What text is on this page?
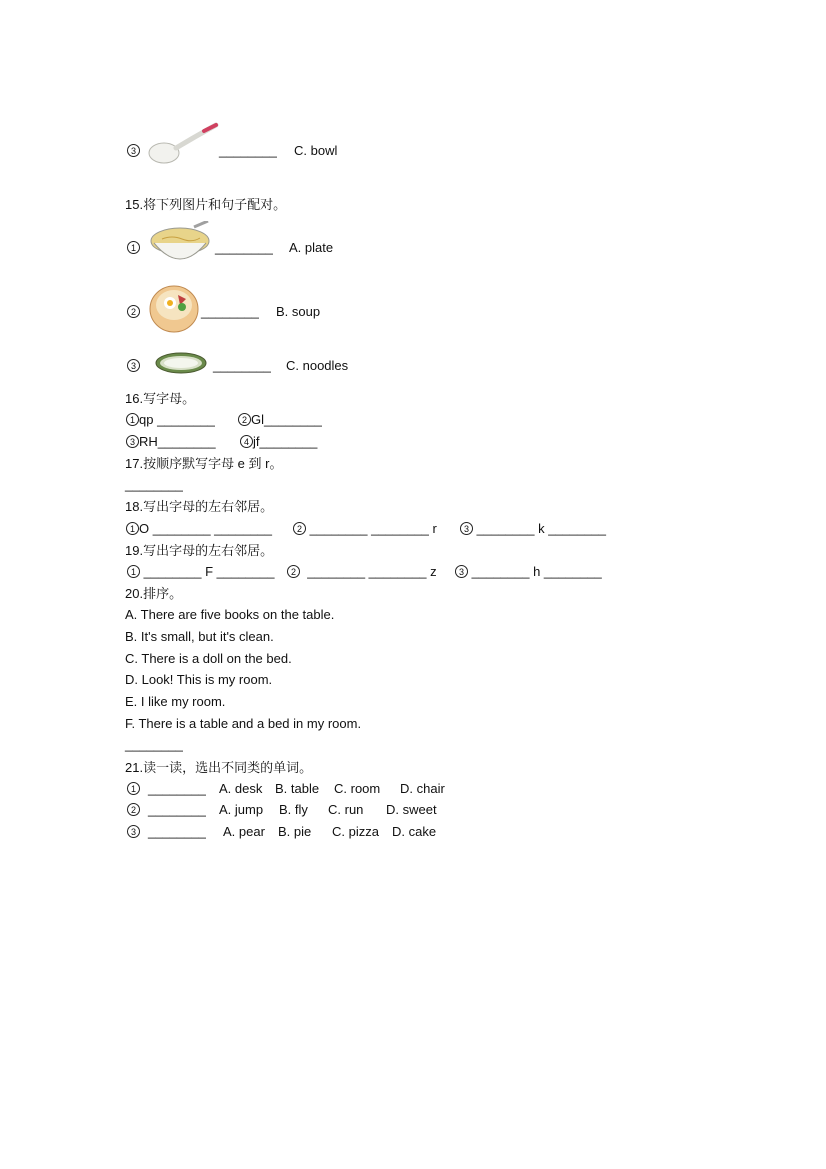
3	________ C. bowl
15.将下列图片和句子配对。
1	________ A. plate
2	________ B. soup
3	________ C. noodles
16.写字母。
1 qp ________	2 Gl________
3 RH________	4 jf________
17.按顺序默写字母 e 到 r。
________
18.写出字母的左右邻居。
1 O ________ ________	2 ________ ________ r	3 ________ k ________
19.写出字母的左右邻居。
1 ________ F ________	2 ________ ________ z	3 ________ h ________
20.排序。
A. There are five books on the table.
B. It's small, but it's clean.
C. There is a doll on the bed.
D. Look! This is my room.
E. I like my room.
F. There is a table and a bed in my room.
________
21.读一读，选出不同类的单词。
1 ________ A. desk B. table C. room D. chair
2 ________ A. jump B. fly C. run D. sweet
3 ________ A. pear B. pie C. pizza D. cake
